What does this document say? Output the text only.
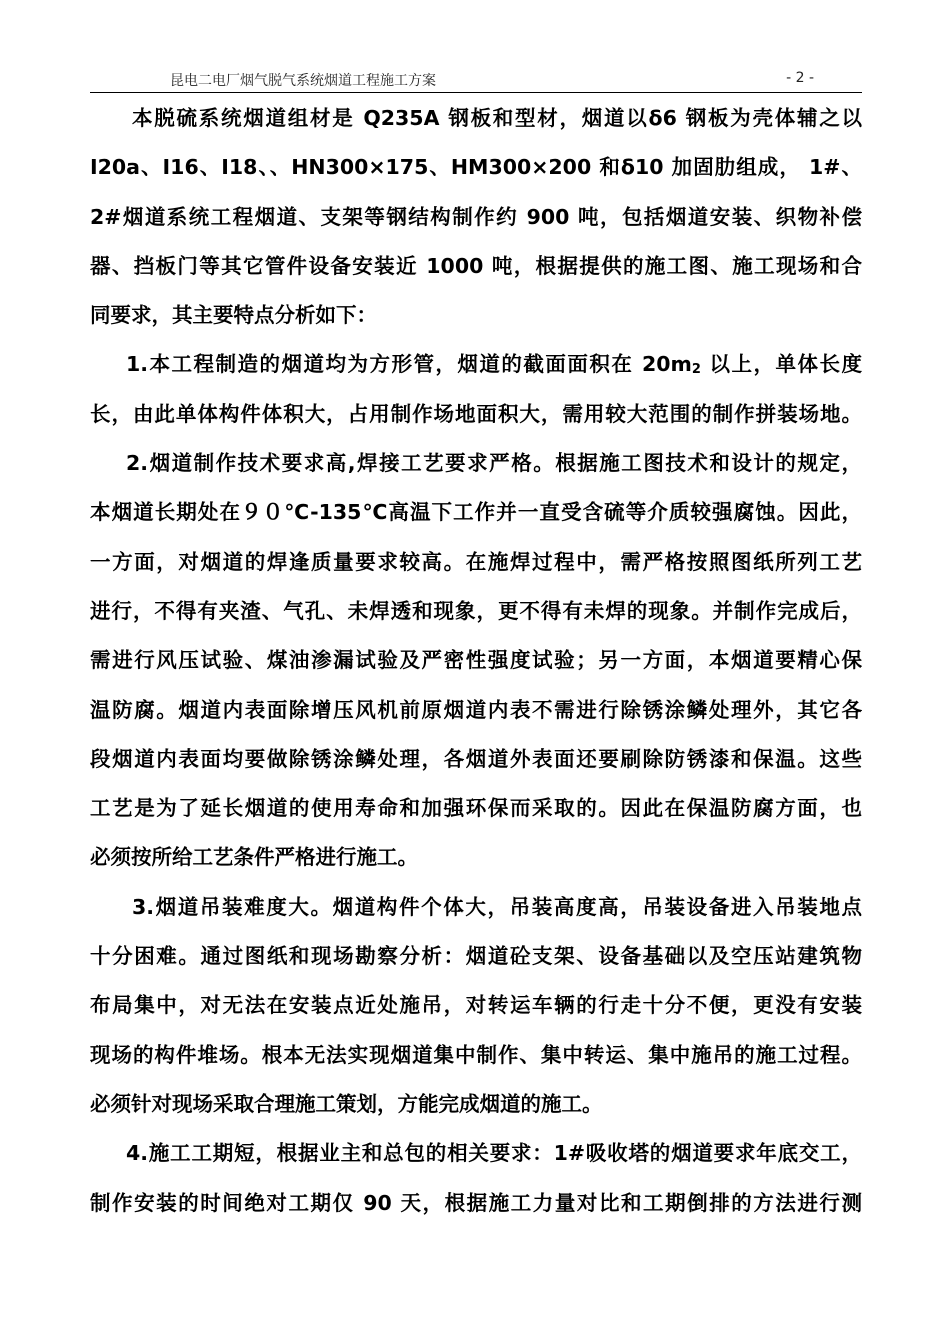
昆电二电厂烟气脱气系统烟道工程施工方案	- 2 -
本脱硫系统烟道组材是 Q235A 钢板和型材，烟道以δ6 钢板为壳体辅之以
I20a、I16、I18、、HN300×175、HM300×200 和δ10 加固肋组成， 1#、
2#烟道系统工程烟道、支架等钢结构制作约 900 吨，包括烟道安装、织物补偿
器、挡板门等其它管件设备安装近 1000 吨，根据提供的施工图、施工现场和合
同要求，其主要特点分析如下：
1.本工程制造的烟道均为方形管，烟道的截面面积在 $20m_2$ 以上，单体长度
长，由此单体构件体积大，占用制作场地面积大，需用较大范围的制作拼装场地。
2.烟道制作技术要求高,焊接工艺要求严格。根据施工图技术和设计的规定，
本烟道长期处在９０℃-135℃高温下工作并一直受含硫等介质较强腐蚀。因此，
一方面，对烟道的焊逢质量要求较高。在施焊过程中，需严格按照图纸所列工艺
进行，不得有夹渣、气孔、未焊透和现象，更不得有未焊的现象。并制作完成后，
需进行风压试验、煤油渗漏试验及严密性强度试验；另一方面，本烟道要精心保
温防腐。烟道内表面除增压风机前原烟道内表不需进行除锈涂鳞处理外，其它各
段烟道内表面均要做除锈涂鳞处理，各烟道外表面还要刷除防锈漆和保温。这些
工艺是为了延长烟道的使用寿命和加强环保而采取的。因此在保温防腐方面，也
必须按所给工艺条件严格进行施工。
3.烟道吊装难度大。烟道构件个体大，吊装高度高，吊装设备进入吊装地点
十分困难。通过图纸和现场勘察分析：烟道砼支架、设备基础以及空压站建筑物
布局集中，对无法在安装点近处施吊，对转运车辆的行走十分不便，更没有安装
现场的构件堆场。根本无法实现烟道集中制作、集中转运、集中施吊的施工过程。
必须针对现场采取合理施工策划，方能完成烟道的施工。
4.施工工期短，根据业主和总包的相关要求：1#吸收塔的烟道要求年底交工，
制作安装的时间绝对工期仅 90 天，根据施工力量对比和工期倒排的方法进行测
